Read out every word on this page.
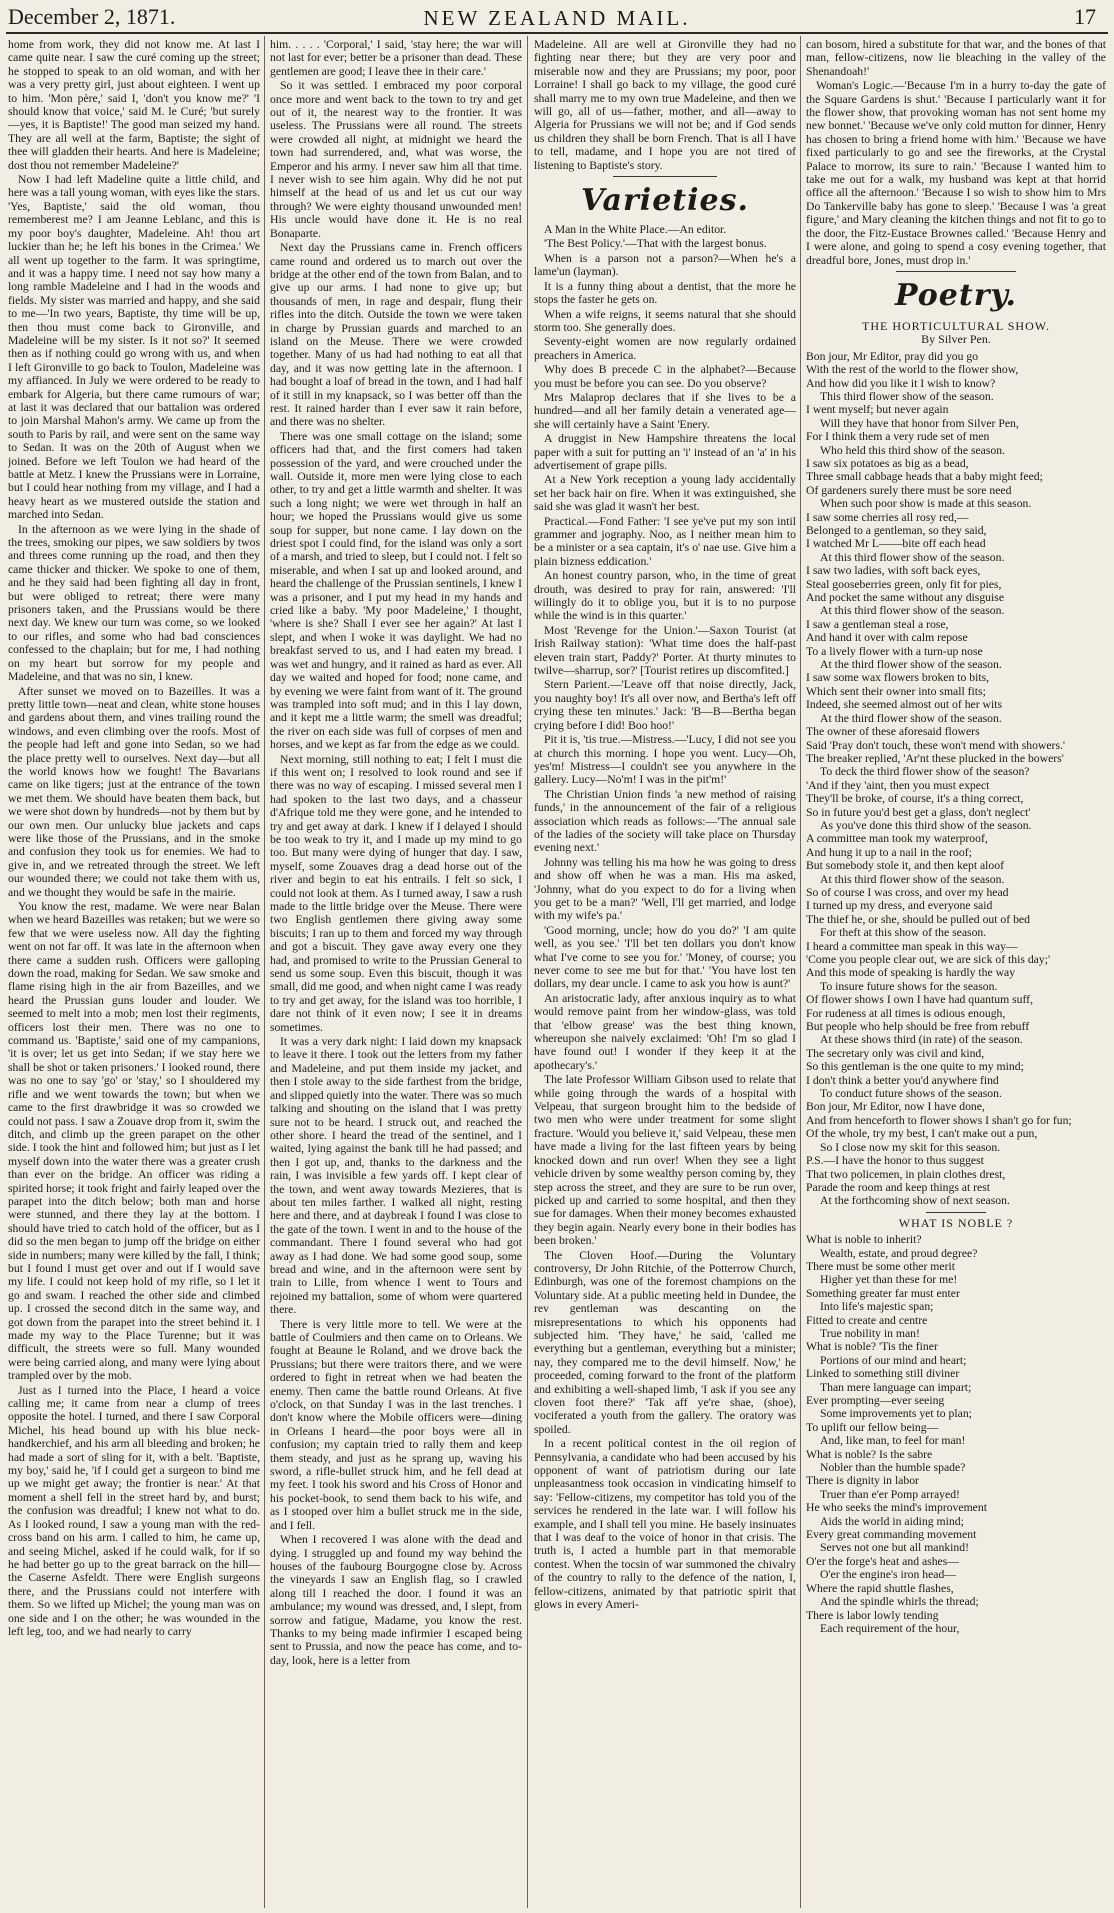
December 2, 1871.	NEW ZEALAND MAIL.	17

home from work, they did not know me. At last I came quite near. I saw the curé coming up the street; he stopped to speak to an old woman, and with her was a very pretty girl, just about eighteen. I went up to him. 'Mon père,' said I, 'don't you know me?' 'I should know that voice,' said M. le Curé; 'but surely—yes, it is Baptiste!' The good man seized my hand. They are all well at the farm, Baptiste; the sight of thee will gladden their hearts. And here is Madeleine; dost thou not remember Madeleine?'

Now I had left Madeline quite a little child, and here was a tall young woman, with eyes like the stars. 'Yes, Baptiste,' said the old woman, thou rememberest me? I am Jeanne Leblanc, and this is my poor boy's daughter, Madeleine. Ah! thou art luckier than he; he left his bones in the Crimea.' We all went up together to the farm. It was springtime, and it was a happy time. I need not say how many a long ramble Madeleine and I had in the woods and fields. My sister was married and happy, and she said to me—'In two years, Baptiste, thy time will be up, then thou must come back to Gironville, and Madeleine will be my sister. Is it not so?' It seemed then as if nothing could go wrong with us, and when I left Gironville to go back to Toulon, Madeleine was my affianced. In July we were ordered to be ready to embark for Algeria, but there came rumours of war; at last it was declared that our battalion was ordered to join Marshal Mahon's army. We came up from the south to Paris by rail, and were sent on the same way to Sedan. It was on the 20th of August when we joined. Before we left Toulon we had heard of the battle at Metz. I knew the Prussians were in Lorraine, but I could hear nothing from my village, and I had a heavy heart as we mustered outside the station and marched into Sedan.

In the afternoon as we were lying in the shade of the trees, smoking our pipes, we saw soldiers by twos and threes come running up the road, and then they came thicker and thicker. We spoke to one of them, and he they said had been fighting all day in front, but were obliged to retreat; there were many prisoners taken, and the Prussians would be there next day. We knew our turn was come, so we looked to our rifles, and some who had bad consciences confessed to the chaplain; but for me, I had nothing on my heart but sorrow for my people and Madeleine, and that was no sin, I knew.

After sunset we moved on to Bazeilles. It was a pretty little town—neat and clean, white stone houses and gardens about them, and vines trailing round the windows, and even climbing over the roofs. Most of the people had left and gone into Sedan, so we had the place pretty well to ourselves. Next day—but all the world knows how we fought! The Bavarians came on like tigers; just at the entrance of the town we met them. We should have beaten them back, but we were shot down by hundreds—not by them but by our own men. Our unlucky blue jackets and caps were like those of the Prussians, and in the smoke and confusion they took us for enemies. We had to give in, and we retreated through the street. We left our wounded there; we could not take them with us, and we thought they would be safe in the mairie.

You know the rest, madame. We were near Balan when we heard Bazeilles was retaken; but we were so few that we were useless now. All day the fighting went on not far off. It was late in the afternoon when there came a sudden rush. Officers were galloping down the road, making for Sedan. We saw smoke and flame rising high in the air from Bazeilles, and we heard the Prussian guns louder and louder. We seemed to melt into a mob; men lost their regiments, officers lost their men. There was no one to command us. 'Baptiste,' said one of my campanions, 'it is over; let us get into Sedan; if we stay here we shall be shot or taken prisoners.' I looked round, there was no one to say 'go' or 'stay,' so I shouldered my rifle and we went towards the town; but when we came to the first drawbridge it was so crowded we could not pass. I saw a Zouave drop from it, swim the ditch, and climb up the green parapet on the other side. I took the hint and followed him; but just as I let myself down into the water there was a greater crush than ever on the bridge. An officer was riding a spirited horse; it took fright and fairly leaped over the parapet into the ditch below; both man and horse were stunned, and there they lay at the bottom. I should have tried to catch hold of the officer, but as I did so the men began to jump off the bridge on either side in numbers; many were killed by the fall, I think; but I found I must get over and out if I would save my life. I could not keep hold of my rifle, so I let it go and swam. I reached the other side and climbed up. I crossed the second ditch in the same way, and got down from the parapet into the street behind it. I made my way to the Place Turenne; but it was difficult, the streets were so full. Many wounded were being carried along, and many were lying about trampled over by the mob.

Just as I turned into the Place, I heard a voice calling me; it came from near a clump of trees opposite the hotel. I turned, and there I saw Corporal Michel, his head bound up with his blue neck-handkerchief, and his arm all bleeding and broken; he had made a sort of sling for it, with a belt. 'Baptiste, my boy,' said he, 'if I could get a surgeon to bind me up we might get away; the frontier is near.' At that moment a shell fell in the street hard by, and burst; the confusion was dreadful; I knew not what to do. As I looked round, I saw a young man with the red-cross band on his arm. I called to him, he came up, and seeing Michel, asked if he could walk, for if so he had better go up to the great barrack on the hill—the Caserne Asfeldt. There were English surgeons there, and the Prussians could not interfere with them. So we lifted up Michel; the young man was on one side and I on the other; he was wounded in the left leg, too, and we had nearly to carry

him. . . . . 'Corporal,' I said, 'stay here; the war will not last for ever; better be a prisoner than dead. These gentlemen are good; I leave thee in their care.'

So it was settled. I embraced my poor corporal once more and went back to the town to try and get out of it, the nearest way to the frontier. It was useless. The Prussians were all round. The streets were crowded all night, at midnight we heard the town had surrendered, and, what was worse, the Emperor and his army. I never saw him all that time. I never wish to see him again. Why did he not put himself at the head of us and let us cut our way through? We were eighty thousand unwounded men! His uncle would have done it. He is no real Bonaparte.

Next day the Prussians came in. French officers came round and ordered us to march out over the bridge at the other end of the town from Balan, and to give up our arms. I had none to give up; but thousands of men, in rage and despair, flung their rifles into the ditch. Outside the town we were taken in charge by Prussian guards and marched to an island on the Meuse. There we were crowded together. Many of us had had nothing to eat all that day, and it was now getting late in the afternoon. I had bought a loaf of bread in the town, and I had half of it still in my knapsack, so I was better off than the rest. It rained harder than I ever saw it rain before, and there was no shelter.

There was one small cottage on the island; some officers had that, and the first comers had taken possession of the yard, and were crouched under the wall. Outside it, more men were lying close to each other, to try and get a little warmth and shelter. It was such a long night; we were wet through in half an hour; we hoped the Prussians would give us some soup for supper, but none came. I lay down on the driest spot I could find, for the island was only a sort of a marsh, and tried to sleep, but I could not. I felt so miserable, and when I sat up and looked around, and heard the challenge of the Prussian sentinels, I knew I was a prisoner, and I put my head in my hands and cried like a baby. 'My poor Madeleine,' I thought, 'where is she? Shall I ever see her again?' At last I slept, and when I woke it was daylight. We had no breakfast served to us, and I had eaten my bread. I was wet and hungry, and it rained as hard as ever. All day we waited and hoped for food; none came, and by evening we were faint from want of it. The ground was trampled into soft mud; and in this I lay down, and it kept me a little warm; the smell was dreadful; the river on each side was full of corpses of men and horses, and we kept as far from the edge as we could.

Next morning, still nothing to eat; I felt I must die if this went on; I resolved to look round and see if there was no way of escaping. I missed several men I had spoken to the last two days, and a chasseur d'Afrique told me they were gone, and he intended to try and get away at dark. I knew if I delayed I should be too weak to try it, and I made up my mind to go too. But many were dying of hunger that day. I saw, myself, some Zouaves drag a dead horse out of the river and begin to eat his entrails. I felt so sick, I could not look at them. As I turned away, I saw a rush made to the little bridge over the Meuse. There were two English gentlemen there giving away some biscuits; I ran up to them and forced my way through and got a biscuit. They gave away every one they had, and promised to write to the Prussian General to send us some soup. Even this biscuit, though it was small, did me good, and when night came I was ready to try and get away, for the island was too horrible, I dare not think of it even now; I see it in dreams sometimes.

It was a very dark night: I laid down my knapsack to leave it there. I took out the letters from my father and Madeleine, and put them inside my jacket, and then I stole away to the side farthest from the bridge, and slipped quietly into the water. There was so much talking and shouting on the island that I was pretty sure not to be heard. I struck out, and reached the other shore. I heard the tread of the sentinel, and I waited, lying against the bank till he had passed; and then I got up, and, thanks to the darkness and the rain, I was invisible a few yards off. I kept clear of the town, and went away towards Mezieres, that is about ten miles farther. I walked all night, resting here and there, and at daybreak I found I was close to the gate of the town. I went in and to the house of the commandant. There I found several who had got away as I had done. We had some good soup, some bread and wine, and in the afternoon were sent by train to Lille, from whence I went to Tours and rejoined my battalion, some of whom were quartered there.

There is very little more to tell. We were at the battle of Coulmiers and then came on to Orleans. We fought at Beaune le Roland, and we drove back the Prussians; but there were traitors there, and we were ordered to fight in retreat when we had beaten the enemy. Then came the battle round Orleans. At five o'clock, on that Sunday I was in the last trenches. I don't know where the Mobile officers were—dining in Orleans I heard—the poor boys were all in confusion; my captain tried to rally them and keep them steady, and just as he sprang up, waving his sword, a rifle-bullet struck him, and he fell dead at my feet. I took his sword and his Cross of Honor and his pocket-book, to send them back to his wife, and as I stooped over him a bullet struck me in the side, and I fell.

When I recovered I was alone with the dead and dying. I struggled up and found my way behind the houses of the faubourg Bourgogne close by. Across the vineyards I saw an English flag, so I crawled along till I reached the door. I found it was an ambulance; my wound was dressed, and, I slept, from sorrow and fatigue, Madame, you know the rest. Thanks to my being made infirmier I escaped being sent to Prussia, and now the peace has come, and to-day, look, here is a letter from

Madeleine. All are well at Gironville they had no fighting near there; but they are very poor and miserable now and they are Prussians; my poor, poor Lorraine! I shall go back to my village, the good curé shall marry me to my own true Madeleine, and then we will go, all of us—father, mother, and all—away to Algeria for Prussians we will not be; and if God sends us children they shall be born French. That is all I have to tell, madame, and I hope you are not tired of listening to Baptiste's story.

Varieties.

A Man in the White Place.—An editor.

'The Best Policy.'—That with the largest bonus.

When is a parson not a parson?—When he's a lame'un (layman).

It is a funny thing about a dentist, that the more he stops the faster he gets on.

When a wife reigns, it seems natural that she should storm too. She generally does.

Seventy-eight women are now regularly ordained preachers in America.

Why does B precede C in the alphabet?—Because you must be before you can see. Do you observe?

Mrs Malaprop declares that if she lives to be a hundred—and all her family detain a venerated age—she will certainly have a Saint 'Enery.

A druggist in New Hampshire threatens the local paper with a suit for putting an 'i' instead of an 'a' in his advertisement of grape pills.

At a New York reception a young lady accidentally set her back hair on fire. When it was extinguished, she said she was glad it wasn't her best.

Practical.—Fond Father: 'I see ye've put my son intil grammer and jography. Noo, as I neither mean him to be a minister or a sea captain, it's o' nae use. Give him a plain bizness eddication.'

An honest country parson, who, in the time of great drouth, was desired to pray for rain, answered: 'I'll willingly do it to oblige you, but it is to no purpose while the wind is in this quarter.'

Most 'Revenge for the Union.'—Saxon Tourist (at Irish Railway station): 'What time does the half-past eleven train start, Paddy?' Porter. At thurty minutes to twilve—sharrup, sor?' [Tourist retires up discomfited.]

Stern Parient.—'Leave off that noise directly, Jack, you naughty boy! It's all over now, and Bertha's left off crying these ten minutes.' Jack: 'B—B—Bertha began crying before I did! Boo hoo!'

Pit it is, 'tis true.—Mistress.—'Lucy, I did not see you at church this morning. I hope you went. Lucy—Oh, yes'm! Mistress—I couldn't see you anywhere in the gallery. Lucy—No'm! I was in the pit'm!'

The Christian Union finds 'a new method of raising funds,' in the announcement of the fair of a religious association which reads as follows:—'The annual sale of the ladies of the society will take place on Thursday evening next.'

Johnny was telling his ma how he was going to dress and show off when he was a man. His ma asked, 'Johnny, what do you expect to do for a living when you get to be a man?' 'Well, I'll get married, and lodge with my wife's pa.'

'Good morning, uncle; how do you do?' 'I am quite well, as you see.' 'I'll bet ten dollars you don't know what I've come to see you for.' 'Money, of course; you never come to see me but for that.' 'You have lost ten dollars, my dear uncle. I came to ask you how is aunt?'

An aristocratic lady, after anxious inquiry as to what would remove paint from her window-glass, was told that 'elbow grease' was the best thing known, whereupon she naively exclaimed: 'Oh! I'm so glad I have found out! I wonder if they keep it at the apothecary's.'

The late Professor William Gibson used to relate that while going through the wards of a hospital with Velpeau, that surgeon brought him to the bedside of two men who were under treatment for some slight fracture. 'Would you believe it,' said Velpeau, these men have made a living for the last fifteen years by being knocked down and run over! When they see a light vehicle driven by some wealthy person coming by, they step across the street, and they are sure to be run over, picked up and carried to some hospital, and then they sue for damages. When their money becomes exhausted they begin again. Nearly every bone in their bodies has been broken.'

The Cloven Hoof.—During the Voluntary controversy, Dr John Ritchie, of the Potterrow Church, Edinburgh, was one of the foremost champions on the Voluntary side. At a public meeting held in Dundee, the rev gentleman was descanting on the misrepresentations to which his opponents had subjected him. 'They have,' he said, 'called me everything but a gentleman, everything but a minister; nay, they compared me to the devil himself. Now,' he proceeded, coming forward to the front of the platform and exhibiting a well-shaped limb, 'I ask if you see any cloven foot there?' 'Tak aff ye're shae, (shoe), vociferated a youth from the gallery. The oratory was spoiled.

In a recent political contest in the oil region of Pennsylvania, a candidate who had been accused by his opponent of want of patriotism during our late unpleasantness took occasion in vindicating himself to say: 'Fellow-citizens, my competitor has told you of the services he rendered in the late war. I will follow his example, and I shall tell you mine. He basely insinuates that I was deaf to the voice of honor in that crisis. The truth is, I acted a humble part in that memorable contest. When the tocsin of war summoned the chivalry of the country to rally to the defence of the nation, I, fellow-citizens, animated by that patriotic spirit that glows in every Ameri-

can bosom, hired a substitute for that war, and the bones of that man, fellow-citizens, now lie bleaching in the valley of the Shenandoah!'

Woman's Logic.—'Because I'm in a hurry to-day the gate of the Square Gardens is shut.' 'Because I particularly want it for the flower show, that provoking woman has not sent home my new bonnet.' 'Because we've only cold mutton for dinner, Henry has chosen to bring a friend home with him.' 'Because we have fixed particularly to go and see the fireworks, at the Crystal Palace to morrow, its sure to rain.' 'Because I wanted him to take me out for a walk, my husband was kept at that horrid office all the afternoon.' 'Because I so wish to show him to Mrs Do Tankerville baby has gone to sleep.' 'Because I was 'a great figure,' and Mary cleaning the kitchen things and not fit to go to the door, the Fitz-Eustace Brownes called.' 'Because Henry and I were alone, and going to spend a cosy evening together, that dreadful bore, Jones, must drop in.'

Poetry.
THE HORTICULTURAL SHOW.
By Silver Pen.
Bon jour, Mr Editor, pray did you go
With the rest of the world to the flower show,
And how did you like it I wish to know?
This third flower show of the season.
I went myself; but never again
Will they have that honor from Silver Pen,
For I think them a very rude set of men
Who held this third show of the season.
I saw six potatoes as big as a bead,
Three small cabbage heads that a baby might feed;
Of gardeners surely there must be sore need
When such poor show is made at this season.
I saw some cherries all rosy red,—
Belonged to a gentleman, so they said,
I watched Mr L——bite off each head
At this third flower show of the season.
I saw two ladies, with soft back eyes,
Steal gooseberries green, only fit for pies,
And pocket the same without any disguise
At this third flower show of the season.
I saw a gentleman steal a rose,
And hand it over with calm repose
To a lively flower with a turn-up nose
At the third flower show of the season.
I saw some wax flowers broken to bits,
Which sent their owner into small fits;
Indeed, she seemed almost out of her wits
At the third flower show of the season.
The owner of these aforesaid flowers
Said 'Pray don't touch, these won't mend with showers.'
The breaker replied, 'Ar'nt these plucked in the bowers'
To deck the third flower show of the season?
'And if they 'aint, then you must expect
They'll be broke, of course, it's a thing correct,
So in future you'd best get a glass, don't neglect'
As you've done this third show of the season.
A committee man took my waterproof,
And hung it up to a nail in the roof;
But somebody stole it, and then kept aloof
At this third flower show of the season.
So of course I was cross, and over my head
I turned up my dress, and everyone said
The thief he, or she, should be pulled out of bed
For theft at this show of the season.
I heard a committee man speak in this way—
'Come you people clear out, we are sick of this day;'
And this mode of speaking is hardly the way
To insure future shows for the season.
Of flower shows I own I have had quantum suff,
For rudeness at all times is odious enough,
But people who help should be free from rebuff
At these shows third (in rate) of the season.
The secretary only was civil and kind,
So this gentleman is the one quite to my mind;
I don't think a better you'd anywhere find
To conduct future shows of the season.
Bon jour, Mr Editor, now I have done,
And from henceforth to flower shows I shan't go for fun;
Of the whole, try my best, I can't make out a pun,
So I close now my skit for this season.
P.S.—I have the honor to thus suggest
That two policemen, in plain clothes drest,
Parade the room and keep things at rest
At the forthcoming show of next season.
WHAT IS NOBLE ?
What is noble to inherit?
Wealth, estate, and proud degree?
There must be some other merit
Higher yet than these for me!
Something greater far must enter
Into life's majestic span;
Fitted to create and centre
True nobility in man!
What is noble? 'Tis the finer
Portions of our mind and heart;
Linked to something still diviner
Than mere language can impart;
Ever prompting—ever seeing
Some improvements yet to plan;
To uplift our fellow being—
And, like man, to feel for man!
What is noble? Is the sabre
Nobler than the humble spade?
There is dignity in labor
Truer than e'er Pomp arrayed!
He who seeks the mind's improvement
Aids the world in aiding mind;
Every great commanding movement
Serves not one but all mankind!
O'er the forge's heat and ashes—
O'er the engine's iron head—
Where the rapid shuttle flashes,
And the spindle whirls the thread;
There is labor lowly tending
Each requirement of the hour,
